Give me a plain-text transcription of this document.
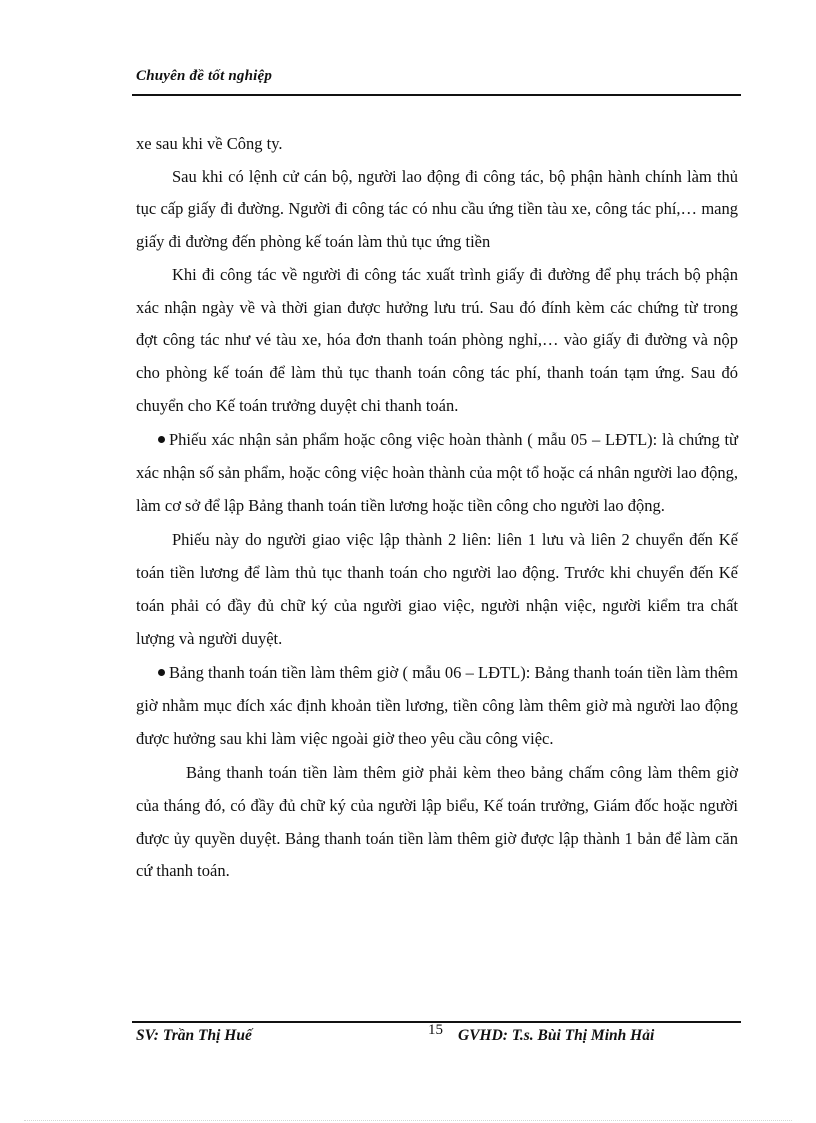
Chuyên đề tốt nghiệp

xe sau khi về Công ty.

Sau khi có lệnh cử cán bộ, người lao động đi công tác, bộ phận hành chính làm thủ tục cấp giấy đi đường. Người đi công tác có nhu cầu ứng tiền tàu xe, công tác phí,… mang giấy đi đường đến phòng kế toán làm thủ tục ứng tiền

Khi đi công tác về người đi công tác xuất trình giấy đi đường để phụ trách bộ phận xác nhận ngày về và thời gian được hưởng lưu trú. Sau đó đính kèm các chứng từ trong đợt công tác như vé tàu xe, hóa đơn thanh toán phòng nghỉ,… vào giấy đi đường và nộp cho phòng kế toán để làm thủ tục thanh toán công tác phí, thanh toán tạm ứng. Sau đó chuyển cho Kế toán trưởng duyệt chi thanh toán.

Phiếu xác nhận sản phẩm hoặc công việc hoàn thành ( mẫu 05 – LĐTL): là chứng từ xác nhận số sản phẩm, hoặc công việc hoàn thành của một tổ hoặc cá nhân người lao động, làm cơ sở để lập Bảng thanh toán tiền lương hoặc tiền công cho người lao động.

Phiếu này do người giao việc lập thành 2 liên: liên 1 lưu và liên 2 chuyển đến Kế toán tiền lương để làm thủ tục thanh toán cho người lao động. Trước khi chuyển đến Kế toán phải có đầy đủ chữ ký của người giao việc, người nhận việc, người kiểm tra chất lượng và người duyệt.

Bảng thanh toán tiền làm thêm giờ ( mẫu 06 – LĐTL): Bảng thanh toán tiền làm thêm giờ nhằm mục đích xác định khoản tiền lương, tiền công làm thêm giờ mà người lao động được hưởng sau khi làm việc ngoài giờ theo yêu cầu công việc.

Bảng thanh toán tiền làm thêm giờ phải kèm theo bảng chấm công làm thêm giờ của tháng đó, có đầy đủ chữ ký của người lập biểu, Kế toán trưởng, Giám đốc hoặc người được ủy quyền duyệt. Bảng thanh toán tiền làm thêm giờ được lập thành 1 bản để làm căn cứ thanh toán.

SV: Trần Thị Huế	15 GVHD: T.s. Bùi Thị Minh Hải
